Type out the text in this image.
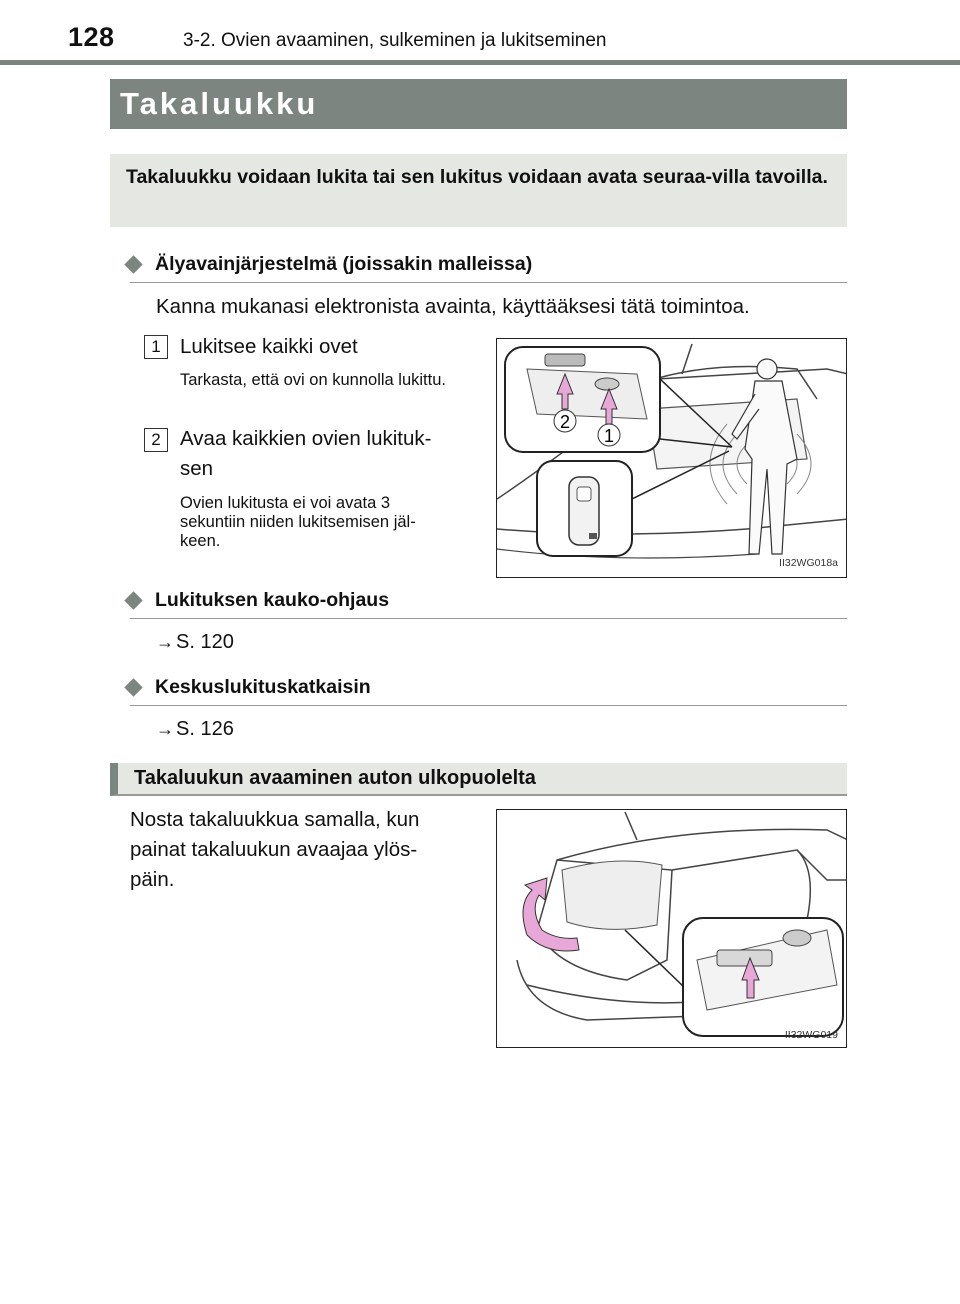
128	3-2. Ovien avaaminen, sulkeminen ja lukitseminen
Takaluukku
Takaluukku voidaan lukita tai sen lukitus voidaan avata seuraa-villa tavoilla.
Älyavainjärjestelmä (joissakin malleissa)
Kanna mukanasi elektronista avainta, käyttääksesi tätä toimintoa.
1 Lukitsee kaikki ovet
Tarkasta, että ovi on kunnolla lukittu.
2 Avaa kaikkien ovien lukituk-
sen
Ovien lukitusta ei voi avata 3
sekuntiin niiden lukitsemisen jäl-
keen.
2
1
II32WG018a
Lukituksen kauko-ohjaus
→ S. 120
Keskuslukituskatkaisin
→ S. 126
Takaluukun avaaminen auton ulkopuolelta
Nosta takaluukkua samalla, kun
painat takaluukun avaajaa ylös-
päin.
II32WG019
